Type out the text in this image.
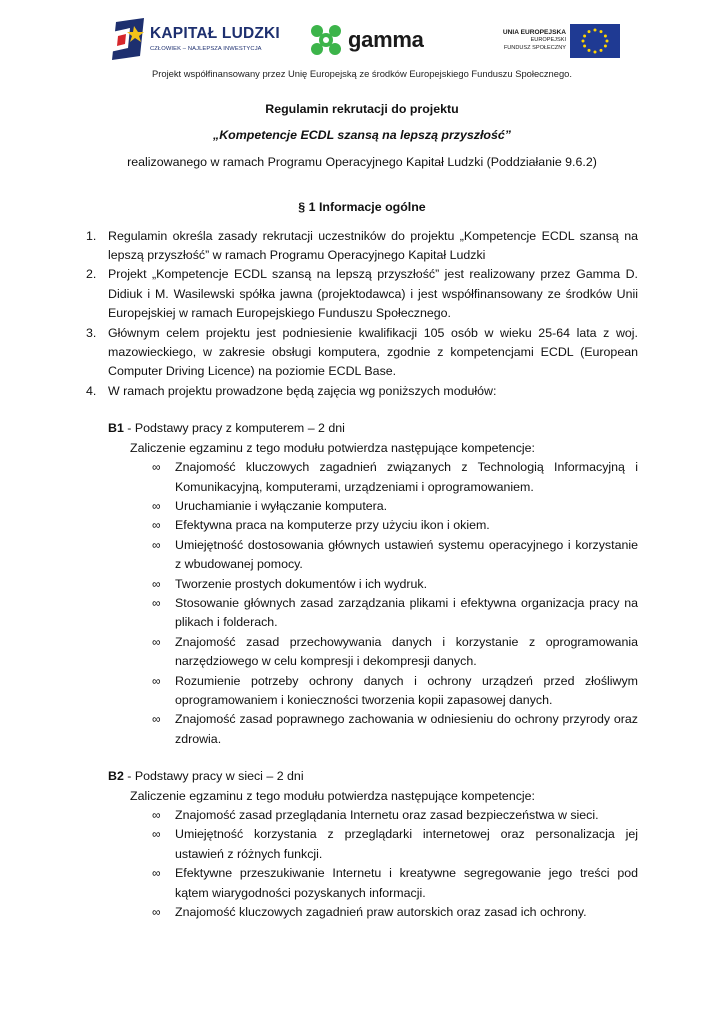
KAPITAŁ LUDZKI
CZŁOWIEK – NAJLEPSZA INWESTYCJA	gamma	UNIA EUROPEJSKA
EUROPEJSKI
FUNDUSZ SPOŁECZNY
Projekt współfinansowany przez Unię Europejską ze środków Europejskiego Funduszu Społecznego.
Regulamin rekrutacji do projektu
„Kompetencje ECDL szansą na lepszą przyszłość”
realizowanego w ramach Programu Operacyjnego Kapitał Ludzki (Poddziałanie 9.6.2)
§ 1 Informacje ogólne
1. Regulamin określa zasady rekrutacji uczestników do projektu „Kompetencje ECDL szansą na lepszą przyszłość” w ramach Programu Operacyjnego Kapitał Ludzki
2. Projekt „Kompetencje ECDL szansą na lepszą przyszłość” jest realizowany przez Gamma D. Didiuk i M. Wasilewski spółka jawna (projektodawca) i jest współfinansowany ze środków Unii Europejskiej w ramach Europejskiego Funduszu Społecznego.
3. Głównym celem projektu jest podniesienie kwalifikacji 105 osób w wieku 25-64 lata z woj. mazowieckiego, w zakresie obsługi komputera, zgodnie z kompetencjami ECDL (European Computer Driving Licence) na poziomie ECDL Base.
4. W ramach projektu prowadzone będą zajęcia wg poniższych modułów:
B1 - Podstawy pracy z komputerem – 2 dni
Zaliczenie egzaminu z tego modułu potwierdza następujące kompetencje:
∞ Znajomość kluczowych zagadnień związanych z Technologią Informacyjną i Komunikacyjną, komputerami, urządzeniami i oprogramowaniem.
∞ Uruchamianie i wyłączanie komputera.
∞ Efektywna praca na komputerze przy użyciu ikon i okiem.
∞ Umiejętność dostosowania głównych ustawień systemu operacyjnego i korzystanie z wbudowanej pomocy.
∞ Tworzenie prostych dokumentów i ich wydruk.
∞ Stosowanie głównych zasad zarządzania plikami i efektywna organizacja pracy na plikach i folderach.
∞ Znajomość zasad przechowywania danych i korzystanie z oprogramowania narzędziowego w celu kompresji i dekompresji danych.
∞ Rozumienie potrzeby ochrony danych i ochrony urządzeń przed złośliwym oprogramowaniem i konieczności tworzenia kopii zapasowej danych.
∞ Znajomość zasad poprawnego zachowania w odniesieniu do ochrony przyrody oraz zdrowia.
B2 - Podstawy pracy w sieci – 2 dni
Zaliczenie egzaminu z tego modułu potwierdza następujące kompetencje:
∞ Znajomość zasad przeglądania Internetu oraz zasad bezpieczeństwa w sieci.
∞ Umiejętność korzystania z przeglądarki internetowej oraz personalizacja jej ustawień z różnych funkcji.
∞ Efektywne przeszukiwanie Internetu i kreatywne segregowanie jego treści pod kątem wiarygodności pozyskanych informacji.
∞ Znajomość kluczowych zagadnień praw autorskich oraz zasad ich ochrony.
